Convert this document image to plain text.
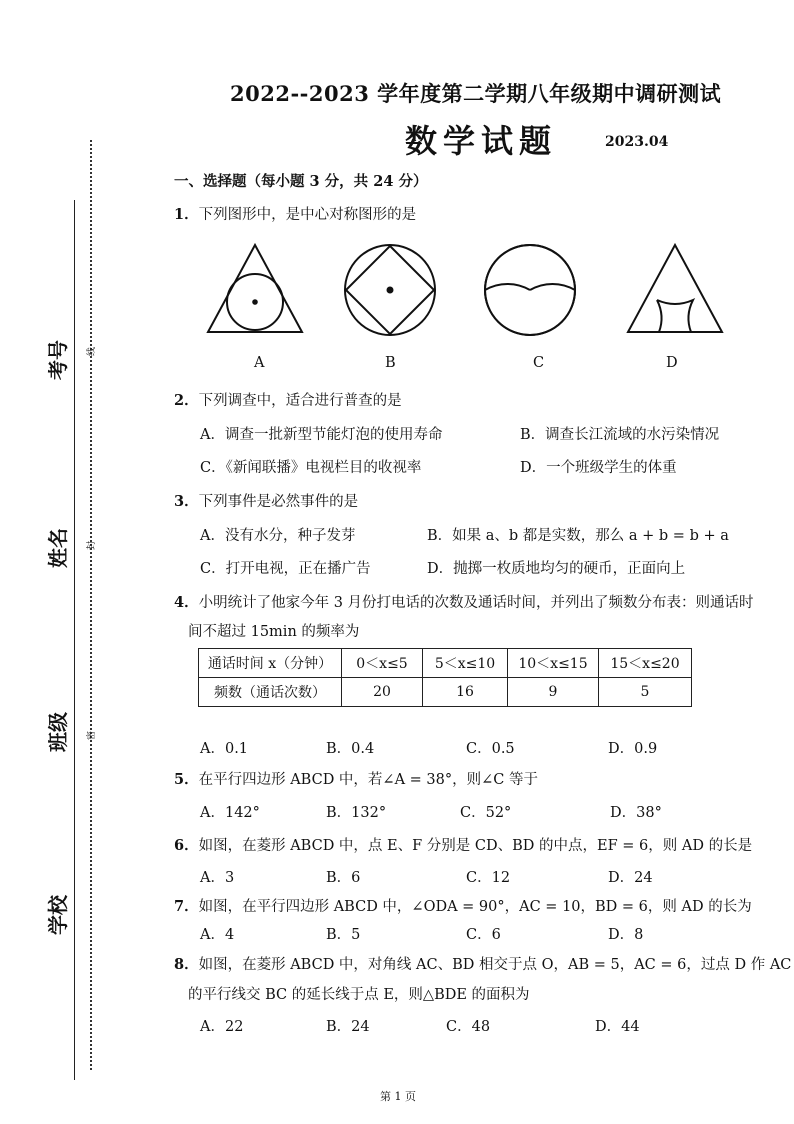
考号
姓名
班级
学校
线
封
密
2022--2023 学年度第二学期八年级期中调研测试
数学试题	2023.04
一、选择题（每小题 3 分，共 24 分）
1．下列图形中，是中心对称图形的是
A	B	C	D
2．下列调查中，适合进行普查的是
A．调查一批新型节能灯泡的使用寿命	B．调查长江流域的水污染情况
C．《新闻联播》电视栏目的收视率	D．一个班级学生的体重
3．下列事件是必然事件的是
A．没有水分，种子发芽	B．如果 a、b 都是实数，那么 a + b = b + a
C．打开电视，正在播广告	D．抛掷一枚质地均匀的硬币，正面向上
4．小明统计了他家今年 3 月份打电话的次数及通话时间，并列出了频数分布表：则通话时
间不超过 15min 的频率为
通话时间 x（分钟）	0＜x≤5	5＜x≤10	10＜x≤15	15＜x≤20
频数（通话次数）	20	16	9	5
A．0.1	B．0.4	C．0.5	D．0.9
5．在平行四边形 ABCD 中，若∠A = 38°，则∠C 等于
A．142°	B．132°	C．52°	D．38°
6．如图，在菱形 ABCD 中，点 E、F 分别是 CD、BD 的中点，EF = 6，则 AD 的长是
A．3	B．6	C．12	D．24
7．如图，在平行四边形 ABCD 中，∠ODA = 90°，AC = 10，BD = 6，则 AD 的长为
A．4	B．5	C．6	D．8
8．如图，在菱形 ABCD 中，对角线 AC、BD 相交于点 O，AB = 5，AC = 6，过点 D 作 AC
的平行线交 BC 的延长线于点 E，则△BDE 的面积为
A．22	B．24	C．48	D．44
第 1 页
